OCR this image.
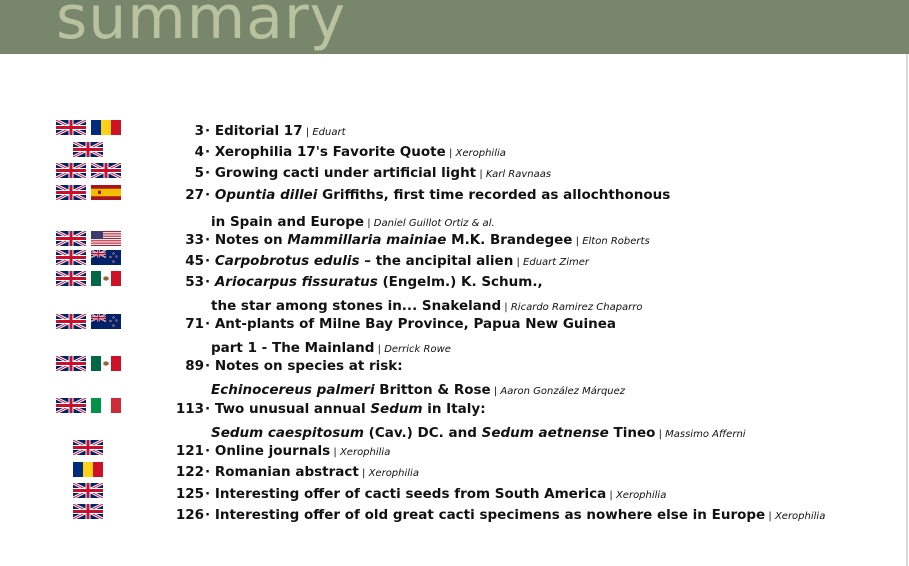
summary
3 · Editorial 17 | Eduart
4 · Xerophilia 17's Favorite Quote | Xerophilia
5 · Growing cacti under artificial light | Karl Ravnaas
27 · Opuntia dillei Griffiths, first time recorded as allochthonous
in Spain and Europe | Daniel Guillot Ortiz & al.
33 · Notes on Mammillaria mainiae M.K. Brandegee | Elton Roberts
45 · Carpobrotus edulis – the ancipital alien | Eduart Zimer
53 · Ariocarpus fissuratus (Engelm.) K. Schum.,
the star among stones in... Snakeland | Ricardo Ramirez Chaparro
71 · Ant-plants of Milne Bay Province, Papua New Guinea
part 1 - The Mainland | Derrick Rowe
89 · Notes on species at risk:
Echinocereus palmeri Britton & Rose | Aaron González Márquez
113 · Two unusual annual Sedum in Italy:
Sedum caespitosum (Cav.) DC. and Sedum aetnense Tineo | Massimo Afferni
121 · Online journals | Xerophilia
122 · Romanian abstract | Xerophilia
125 · Interesting offer of cacti seeds from South America | Xerophilia
126 · Interesting offer of old great cacti specimens as nowhere else in Europe | Xerophilia
